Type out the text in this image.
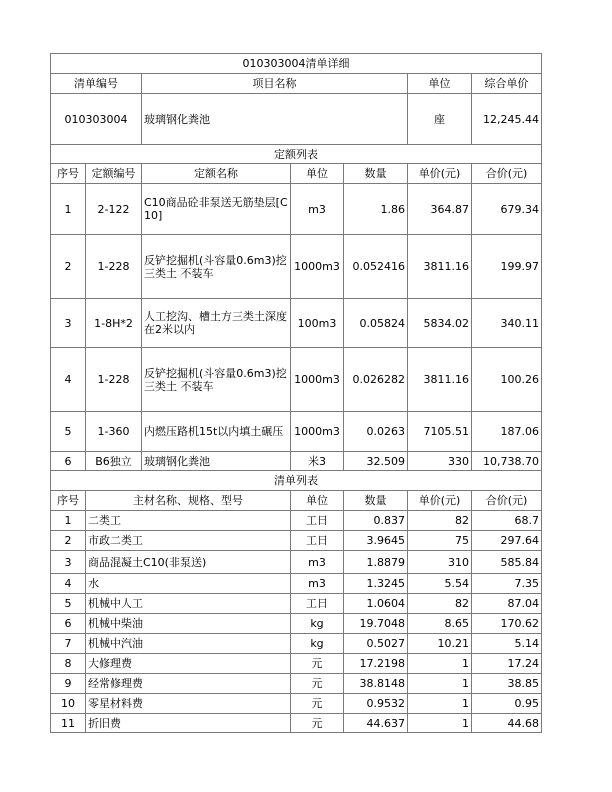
010303004清单详细						
清单编号		项目名称			单位	综合单价
010303004		玻璃钢化粪池			座	12,245.44
定额列表						
序号	定额编号	定额名称	单位	数量	单价(元)	合价(元)
1	2-122	C10商品砼非泵送无筋垫层[C10]	m3	1.86	364.87	679.34
2	1-228	反铲挖掘机(斗容量0.6m3)挖三类土 不装车	1000m3	0.052416	3811.16	199.97
3	1-8H*2	人工挖沟、槽土方三类土深度在2米以内	100m3	0.05824	5834.02	340.11
4	1-228	反铲挖掘机(斗容量0.6m3)挖三类土 不装车	1000m3	0.026282	3811.16	100.26
5	1-360	内燃压路机15t以内填土碾压	1000m3	0.0263	7105.51	187.06
6	B6独立	玻璃钢化粪池	米3	32.509	330	10,738.70
清单列表						
序号	主材名称、规格、型号		单位	数量	单价(元)	合价(元)
1	二类工		工日	0.837	82	68.7
2	市政二类工		工日	3.9645	75	297.64
3	商品混凝土C10(非泵送)		m3	1.8879	310	585.84
4	水		m3	1.3245	5.54	7.35
5	机械中人工		工日	1.0604	82	87.04
6	机械中柴油		kg	19.7048	8.65	170.62
7	机械中汽油		kg	0.5027	10.21	5.14
8	大修理费		元	17.2198	1	17.24
9	经常修理费		元	38.8148	1	38.85
10	零星材料费		元	0.9532	1	0.95
11	折旧费		元	44.637	1	44.68
